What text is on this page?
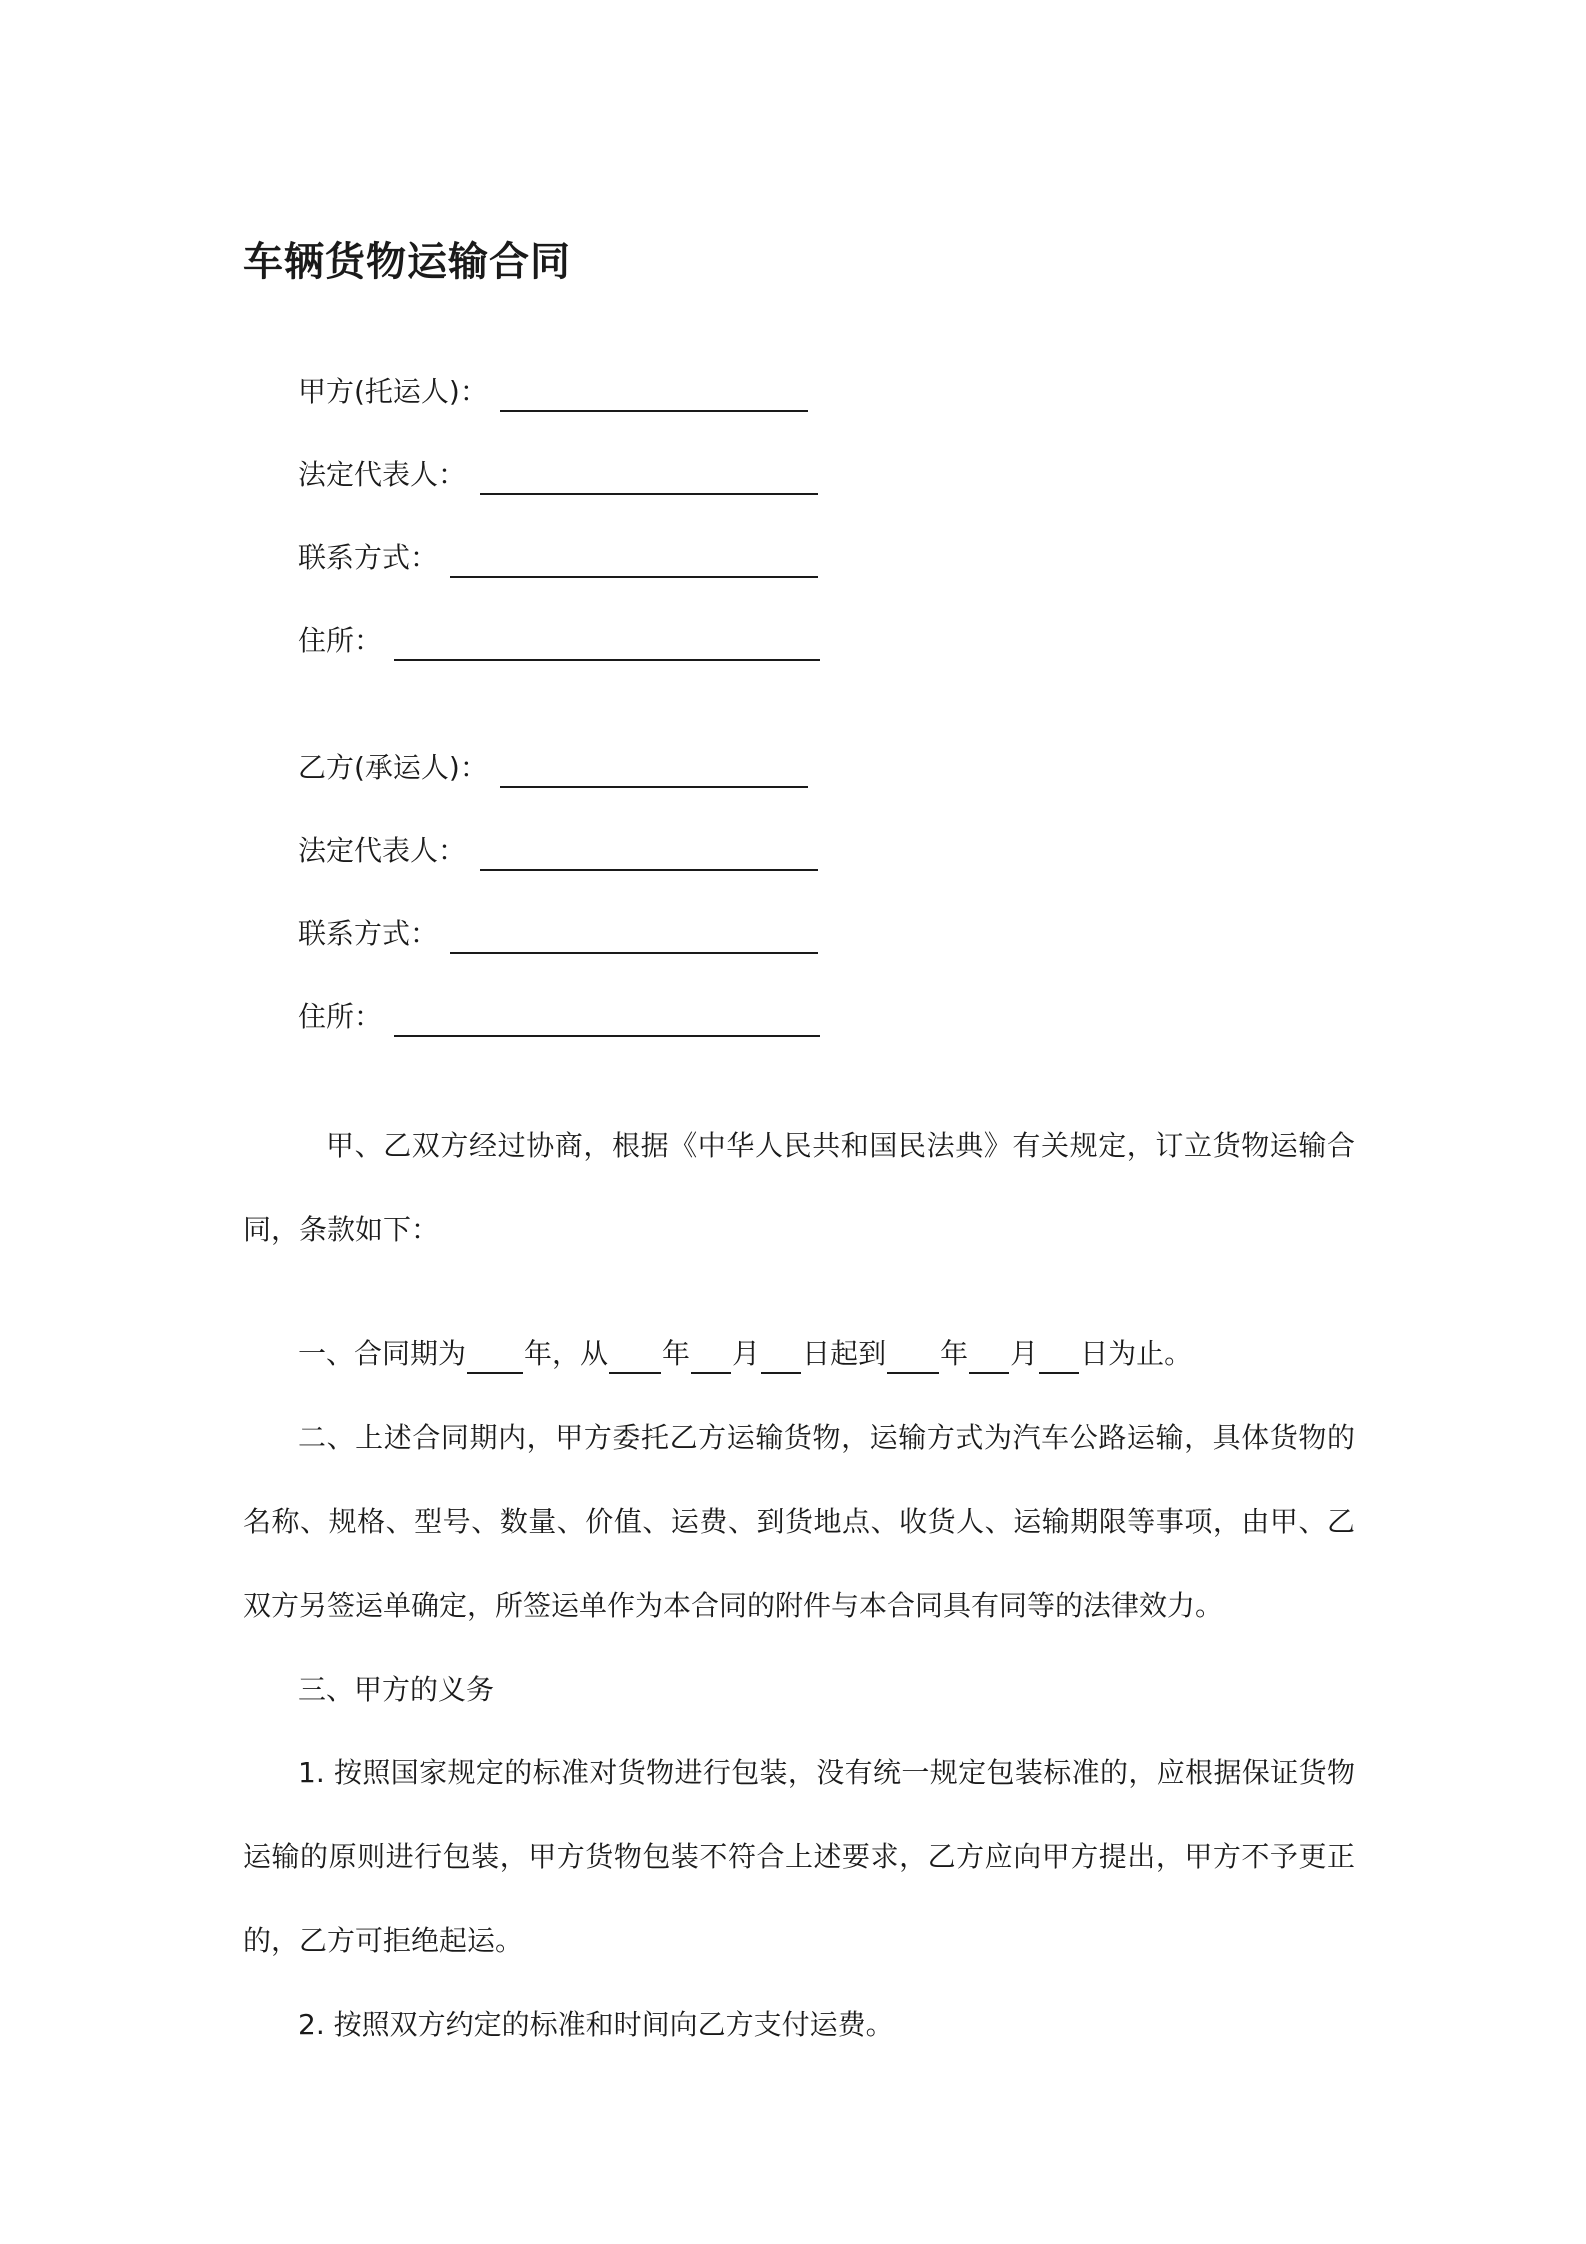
车辆货物运输合同
甲方(托运人)：
法定代表人：
联系方式：
住所：
乙方(承运人)：
法定代表人：
联系方式：
住所：
甲、乙双方经过协商，根据《中华人民共和国民法典》有关规定，订立货物运输合同，条款如下：
一、合同期为 年，从 年 月 日起到 年 月 日为止。
二、上述合同期内，甲方委托乙方运输货物，运输方式为汽车公路运输，具体货物的名称、规格、型号、数量、价值、运费、到货地点、收货人、运输期限等事项，由甲、乙双方另签运单确定，所签运单作为本合同的附件与本合同具有同等的法律效力。
三、甲方的义务
1. 按照国家规定的标准对货物进行包装，没有统一规定包装标准的，应根据保证货物运输的原则进行包装，甲方货物包装不符合上述要求，乙方应向甲方提出，甲方不予更正的，乙方可拒绝起运。
2. 按照双方约定的标准和时间向乙方支付运费。
